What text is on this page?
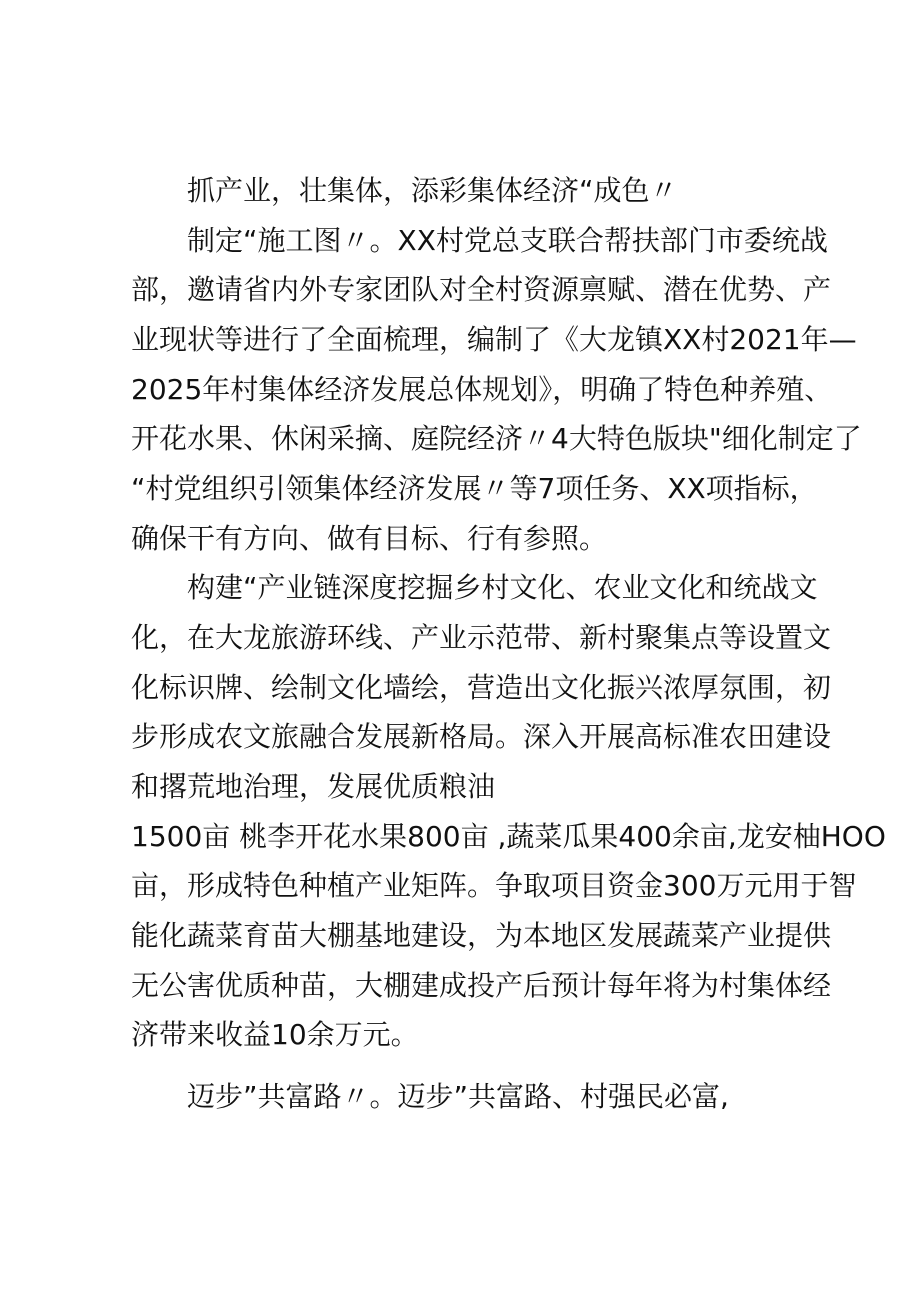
抓产业，壮集体，添彩集体经济“成色〃

制定“施工图〃。XX村党总支联合帮扶部门市委统战

部，邀请省内外专家团队对全村资源禀赋、潜在优势、产

业现状等进行了全面梳理，编制了《大龙镇XX村2021年—

2025年村集体经济发展总体规划》，明确了特色种养殖、

开花水果、休闲采摘、庭院经济〃4大特色版块"细化制定了

“村党组织引领集体经济发展〃等7项任务、XX项指标，

确保干有方向、做有目标、行有参照。

构建“产业链深度挖掘乡村文化、农业文化和统战文

化，在大龙旅游环线、产业示范带、新村聚集点等设置文

化标识牌、绘制文化墙绘，营造出文化振兴浓厚氛围，初

步形成农文旅融合发展新格局。深入开展高标准农田建设

和撂荒地治理，发展优质粮油

1500亩 桃李开花水果800亩 ,蔬菜瓜果400余亩,龙安柚HOO

亩，形成特色种植产业矩阵。争取项目资金300万元用于智

能化蔬菜育苗大棚基地建设，为本地区发展蔬菜产业提供

无公害优质种苗，大棚建成投产后预计每年将为村集体经

济带来收益10余万元。

迈步”共富路〃。迈步”共富路、村强民必富,
